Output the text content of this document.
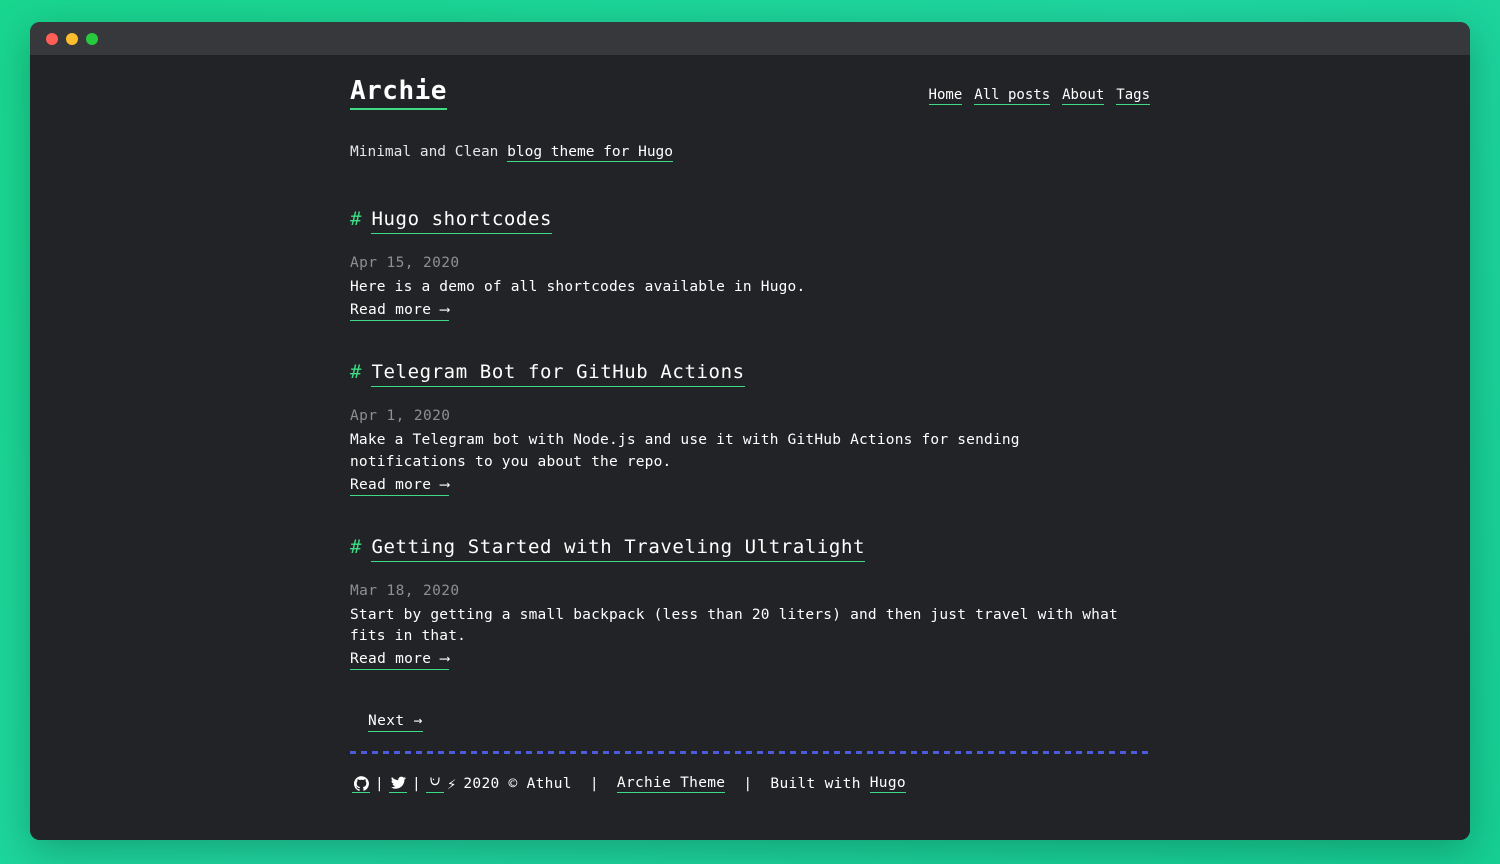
Archie	Home All posts About Tags
Minimal and Clean blog theme for Hugo
# Hugo shortcodes
Apr 15, 2020
Here is a demo of all shortcodes available in Hugo.
Read more ⟶
# Telegram Bot for GitHub Actions
Apr 1, 2020
Make a Telegram bot with Node.js and use it with GitHub Actions for sending notifications to you about the repo.
Read more ⟶
# Getting Started with Traveling Ultralight
Mar 18, 2020
Start by getting a small backpack (less than 20 liters) and then just travel with what fits in that.
Read more ⟶
Next →
| | ⚡ 2020 © Athul  | Archie Theme |  Built with Hugo
